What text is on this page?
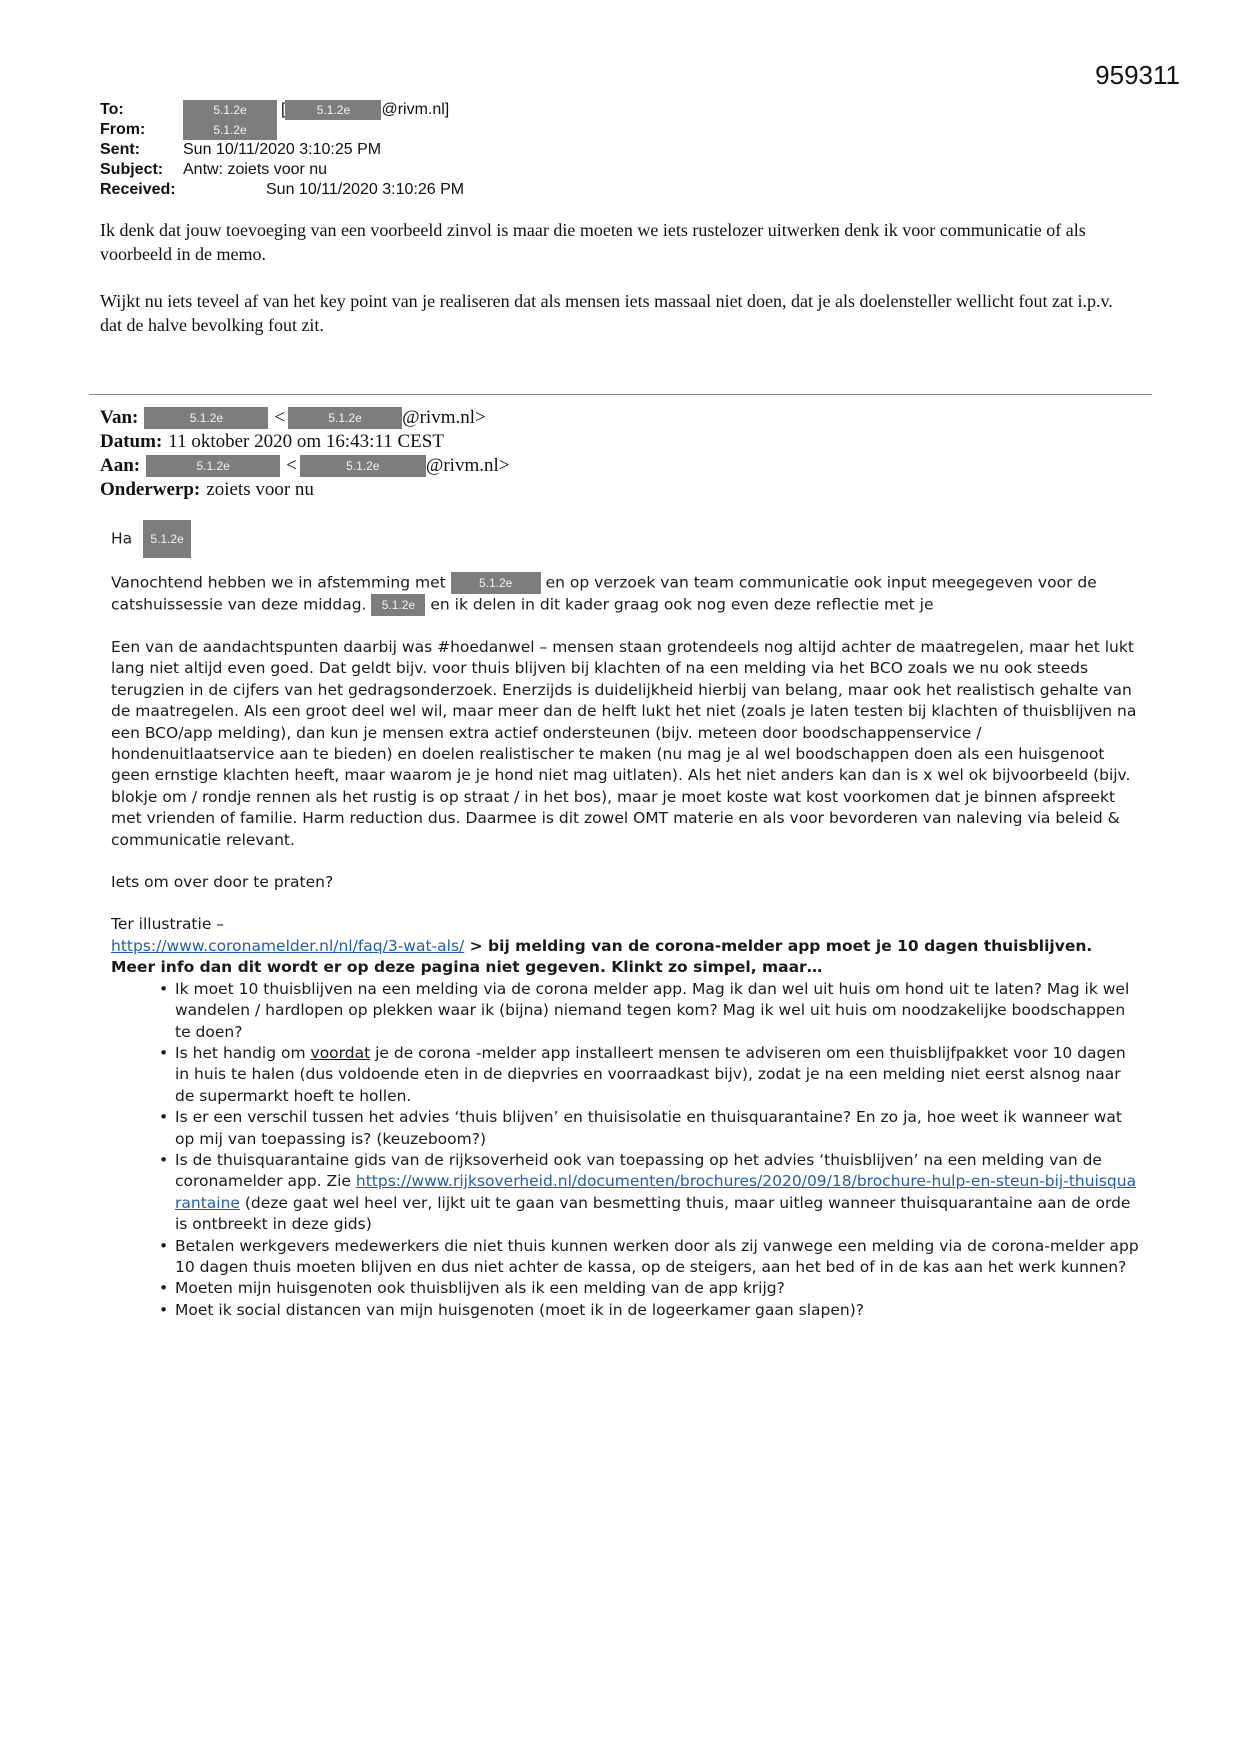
959311
To:	5.1.2e	[	5.1.2e	@rivm.nl]
From:	5.1.2e
Sent:	Sun 10/11/2020 3:10:25 PM
Subject:	Antw: zoiets voor nu
Received:	Sun 10/11/2020 3:10:26 PM

Ik denk dat jouw toevoeging van een voorbeeld zinvol is maar die moeten we iets rustelozer uitwerken denk ik voor communicatie of als voorbeeld in de memo.

Wijkt nu iets teveel af van het key point van je realiseren dat als mensen iets massaal niet doen, dat je als doelensteller wellicht fout zat i.p.v. dat de halve bevolking fout zit.

Van:	5.1.2e	<	5.1.2e	@rivm.nl>
Datum: 11 oktober 2020 om 16:43:11 CEST
Aan:	5.1.2e	<	5.1.2e	@rivm.nl>
Onderwerp: zoiets voor nu

Ha 5.1.2e

Vanochtend hebben we in afstemming met	5.1.2e en op verzoek van team communicatie ook input meegegeven voor de catshuissessie van deze middag. 5.1.2e en ik delen in dit kader graag ook nog even deze reflectie met je

Een van de aandachtspunten daarbij was #hoedanwel – mensen staan grotendeels nog altijd achter de maatregelen, maar het lukt lang niet altijd even goed. Dat geldt bijv. voor thuis blijven bij klachten of na een melding via het BCO zoals we nu ook steeds terugzien in de cijfers van het gedragsonderzoek. Enerzijds is duidelijkheid hierbij van belang, maar ook het realistisch gehalte van de maatregelen. Als een groot deel wel wil, maar meer dan de helft lukt het niet (zoals je laten testen bij klachten of thuisblijven na een BCO/app melding), dan kun je mensen extra actief ondersteunen (bijv. meteen door boodschappenservice / hondenuitlaatservice aan te bieden) en doelen realistischer te maken (nu mag je al wel boodschappen doen als een huisgenoot geen ernstige klachten heeft, maar waarom je je hond niet mag uitlaten). Als het niet anders kan dan is x wel ok bijvoorbeeld (bijv. blokje om / rondje rennen als het rustig is op straat / in het bos), maar je moet koste wat kost voorkomen dat je binnen afspreekt met vrienden of familie. Harm reduction dus. Daarmee is dit zowel OMT materie en als voor bevorderen van naleving via beleid & communicatie relevant.

Iets om over door te praten?

Ter illustratie –
https://www.coronamelder.nl/nl/faq/3-wat-als/ > bij melding van de corona-melder app moet je 10 dagen thuisblijven. Meer info dan dit wordt er op deze pagina niet gegeven. Klinkt zo simpel, maar…
• Ik moet 10 thuisblijven na een melding via de corona melder app. Mag ik dan wel uit huis om hond uit te laten? Mag ik wel wandelen / hardlopen op plekken waar ik (bijna) niemand tegen kom? Mag ik wel uit huis om noodzakelijke boodschappen te doen?
• Is het handig om voordat je de corona -melder app installeert mensen te adviseren om een thuisblijfpakket voor 10 dagen in huis te halen (dus voldoende eten in de diepvries en voorraadkast bijv), zodat je na een melding niet eerst alsnog naar de supermarkt hoeft te hollen.
• Is er een verschil tussen het advies ‘thuis blijven’ en thuisisolatie en thuisquarantaine? En zo ja, hoe weet ik wanneer wat op mij van toepassing is? (keuzeboom?)
• Is de thuisquarantaine gids van de rijksoverheid ook van toepassing op het advies ‘thuisblijven’ na een melding van de coronamelder app. Zie https://www.rijksoverheid.nl/documenten/brochures/2020/09/18/brochure-hulp-en-steun-bij-thuisquarantaine (deze gaat wel heel ver, lijkt uit te gaan van besmetting thuis, maar uitleg wanneer thuisquarantaine aan de orde is ontbreekt in deze gids)
• Betalen werkgevers medewerkers die niet thuis kunnen werken door als zij vanwege een melding via de corona-melder app 10 dagen thuis moeten blijven en dus niet achter de kassa, op de steigers, aan het bed of in de kas aan het werk kunnen?
• Moeten mijn huisgenoten ook thuisblijven als ik een melding van de app krijg?
• Moet ik social distancen van mijn huisgenoten (moet ik in de logeerkamer gaan slapen)?
